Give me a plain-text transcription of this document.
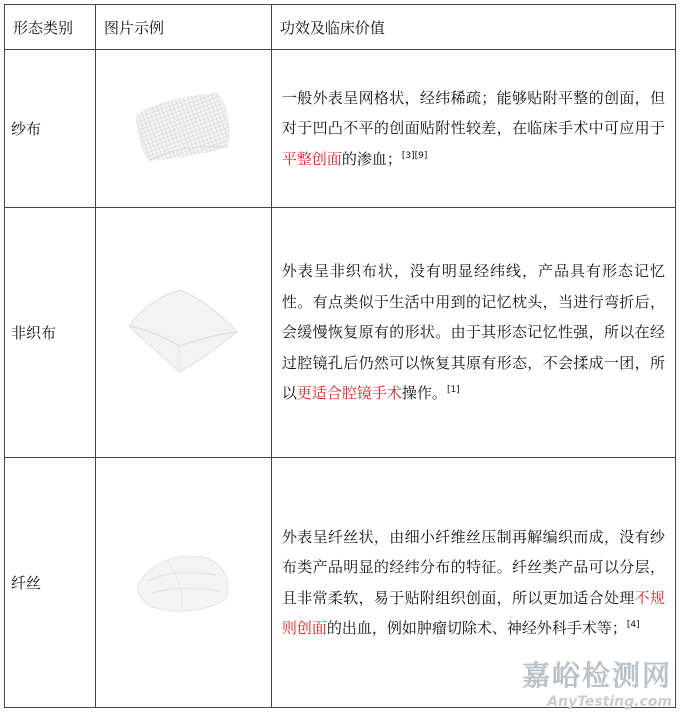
形态类别	图片示例	功效及临床价值
纱布		一般外表呈网格状，经纬稀疏；能够贴附平整的创面，但对于凹凸不平的创面贴附性较差，在临床手术中可应用于平整创面的渗血；[3][9]
非织布		外表呈非织布状，没有明显经纬线，产品具有形态记忆性。有点类似于生活中用到的记忆枕头，当进行弯折后，会缓慢恢复原有的形状。由于其形态记忆性强，所以在经过腔镜孔后仍然可以恢复其原有形态，不会揉成一团，所以更适合腔镜手术操作。[1]
纤丝		外表呈纤丝状，由细小纤维丝压制再解编织而成，没有纱布类产品明显的经纬分布的特征。纤丝类产品可以分层，且非常柔软，易于贴附组织创面，所以更加适合处理不规则创面的出血，例如肿瘤切除术、神经外科手术等；[4]
嘉峪检测网
AnyTesting.com
